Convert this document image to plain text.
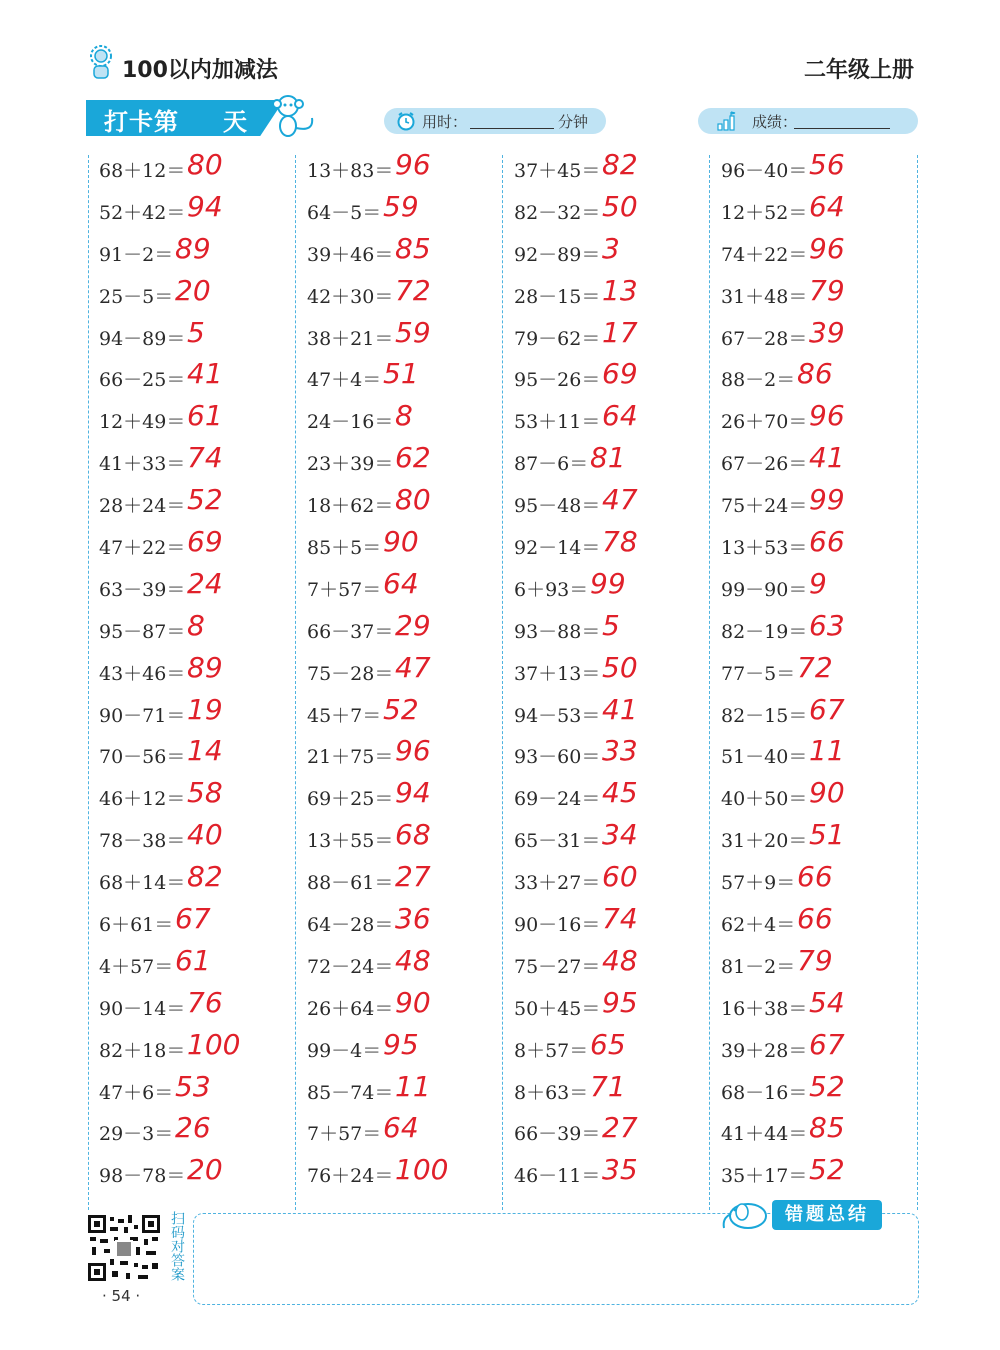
100以内加减法	二年级上册
打卡第 天	用时：	分钟	成绩：
68＋12＝ 80
52＋42＝ 94
91－2＝ 89
25－5＝ 20
94－89＝ 5
66－25＝ 41
12＋49＝ 61
41＋33＝ 74
28＋24＝ 52
47＋22＝ 69
63－39＝ 24
95－87＝ 8
43＋46＝ 89
90－71＝ 19
70－56＝ 14
46＋12＝ 58
78－38＝ 40
68＋14＝ 82
6＋61＝ 67
4＋57＝ 61
90－14＝ 76
82＋18＝ 100
47＋6＝ 53
29－3＝ 26
98－78＝ 20
13＋83＝ 96
64－5＝ 59
39＋46＝ 85
42＋30＝ 72
38＋21＝ 59
47＋4＝ 51
24－16＝ 8
23＋39＝ 62
18＋62＝ 80
85＋5＝ 90
7＋57＝ 64
66－37＝ 29
75－28＝ 47
45＋7＝ 52
21＋75＝ 96
69＋25＝ 94
13＋55＝ 68
88－61＝ 27
64－28＝ 36
72－24＝ 48
26＋64＝ 90
99－4＝ 95
85－74＝ 11
7＋57＝ 64
76＋24＝ 100
37＋45＝ 82
82－32＝ 50
92－89＝ 3
28－15＝ 13
79－62＝ 17
95－26＝ 69
53＋11＝ 64
87－6＝ 81
95－48＝ 47
92－14＝ 78
6＋93＝ 99
93－88＝ 5
37＋13＝ 50
94－53＝ 41
93－60＝ 33
69－24＝ 45
65－31＝ 34
33＋27＝ 60
90－16＝ 74
75－27＝ 48
50＋45＝ 95
8＋57＝ 65
8＋63＝ 71
66－39＝ 27
46－11＝ 35
96－40＝ 56
12＋52＝ 64
74＋22＝ 96
31＋48＝ 79
67－28＝ 39
88－2＝ 86
26＋70＝ 96
67－26＝ 41
75＋24＝ 99
13＋53＝ 66
99－90＝ 9
82－19＝ 63
77－5＝ 72
82－15＝ 67
51－40＝ 11
40＋50＝ 90
31＋20＝ 51
57＋9＝ 66
62＋4＝ 66
81－2＝ 79
16＋38＝ 54
39＋28＝ 67
68－16＝ 52
41＋44＝ 85
35＋17＝ 52
扫码对答案
· 54 ·
错题总结
